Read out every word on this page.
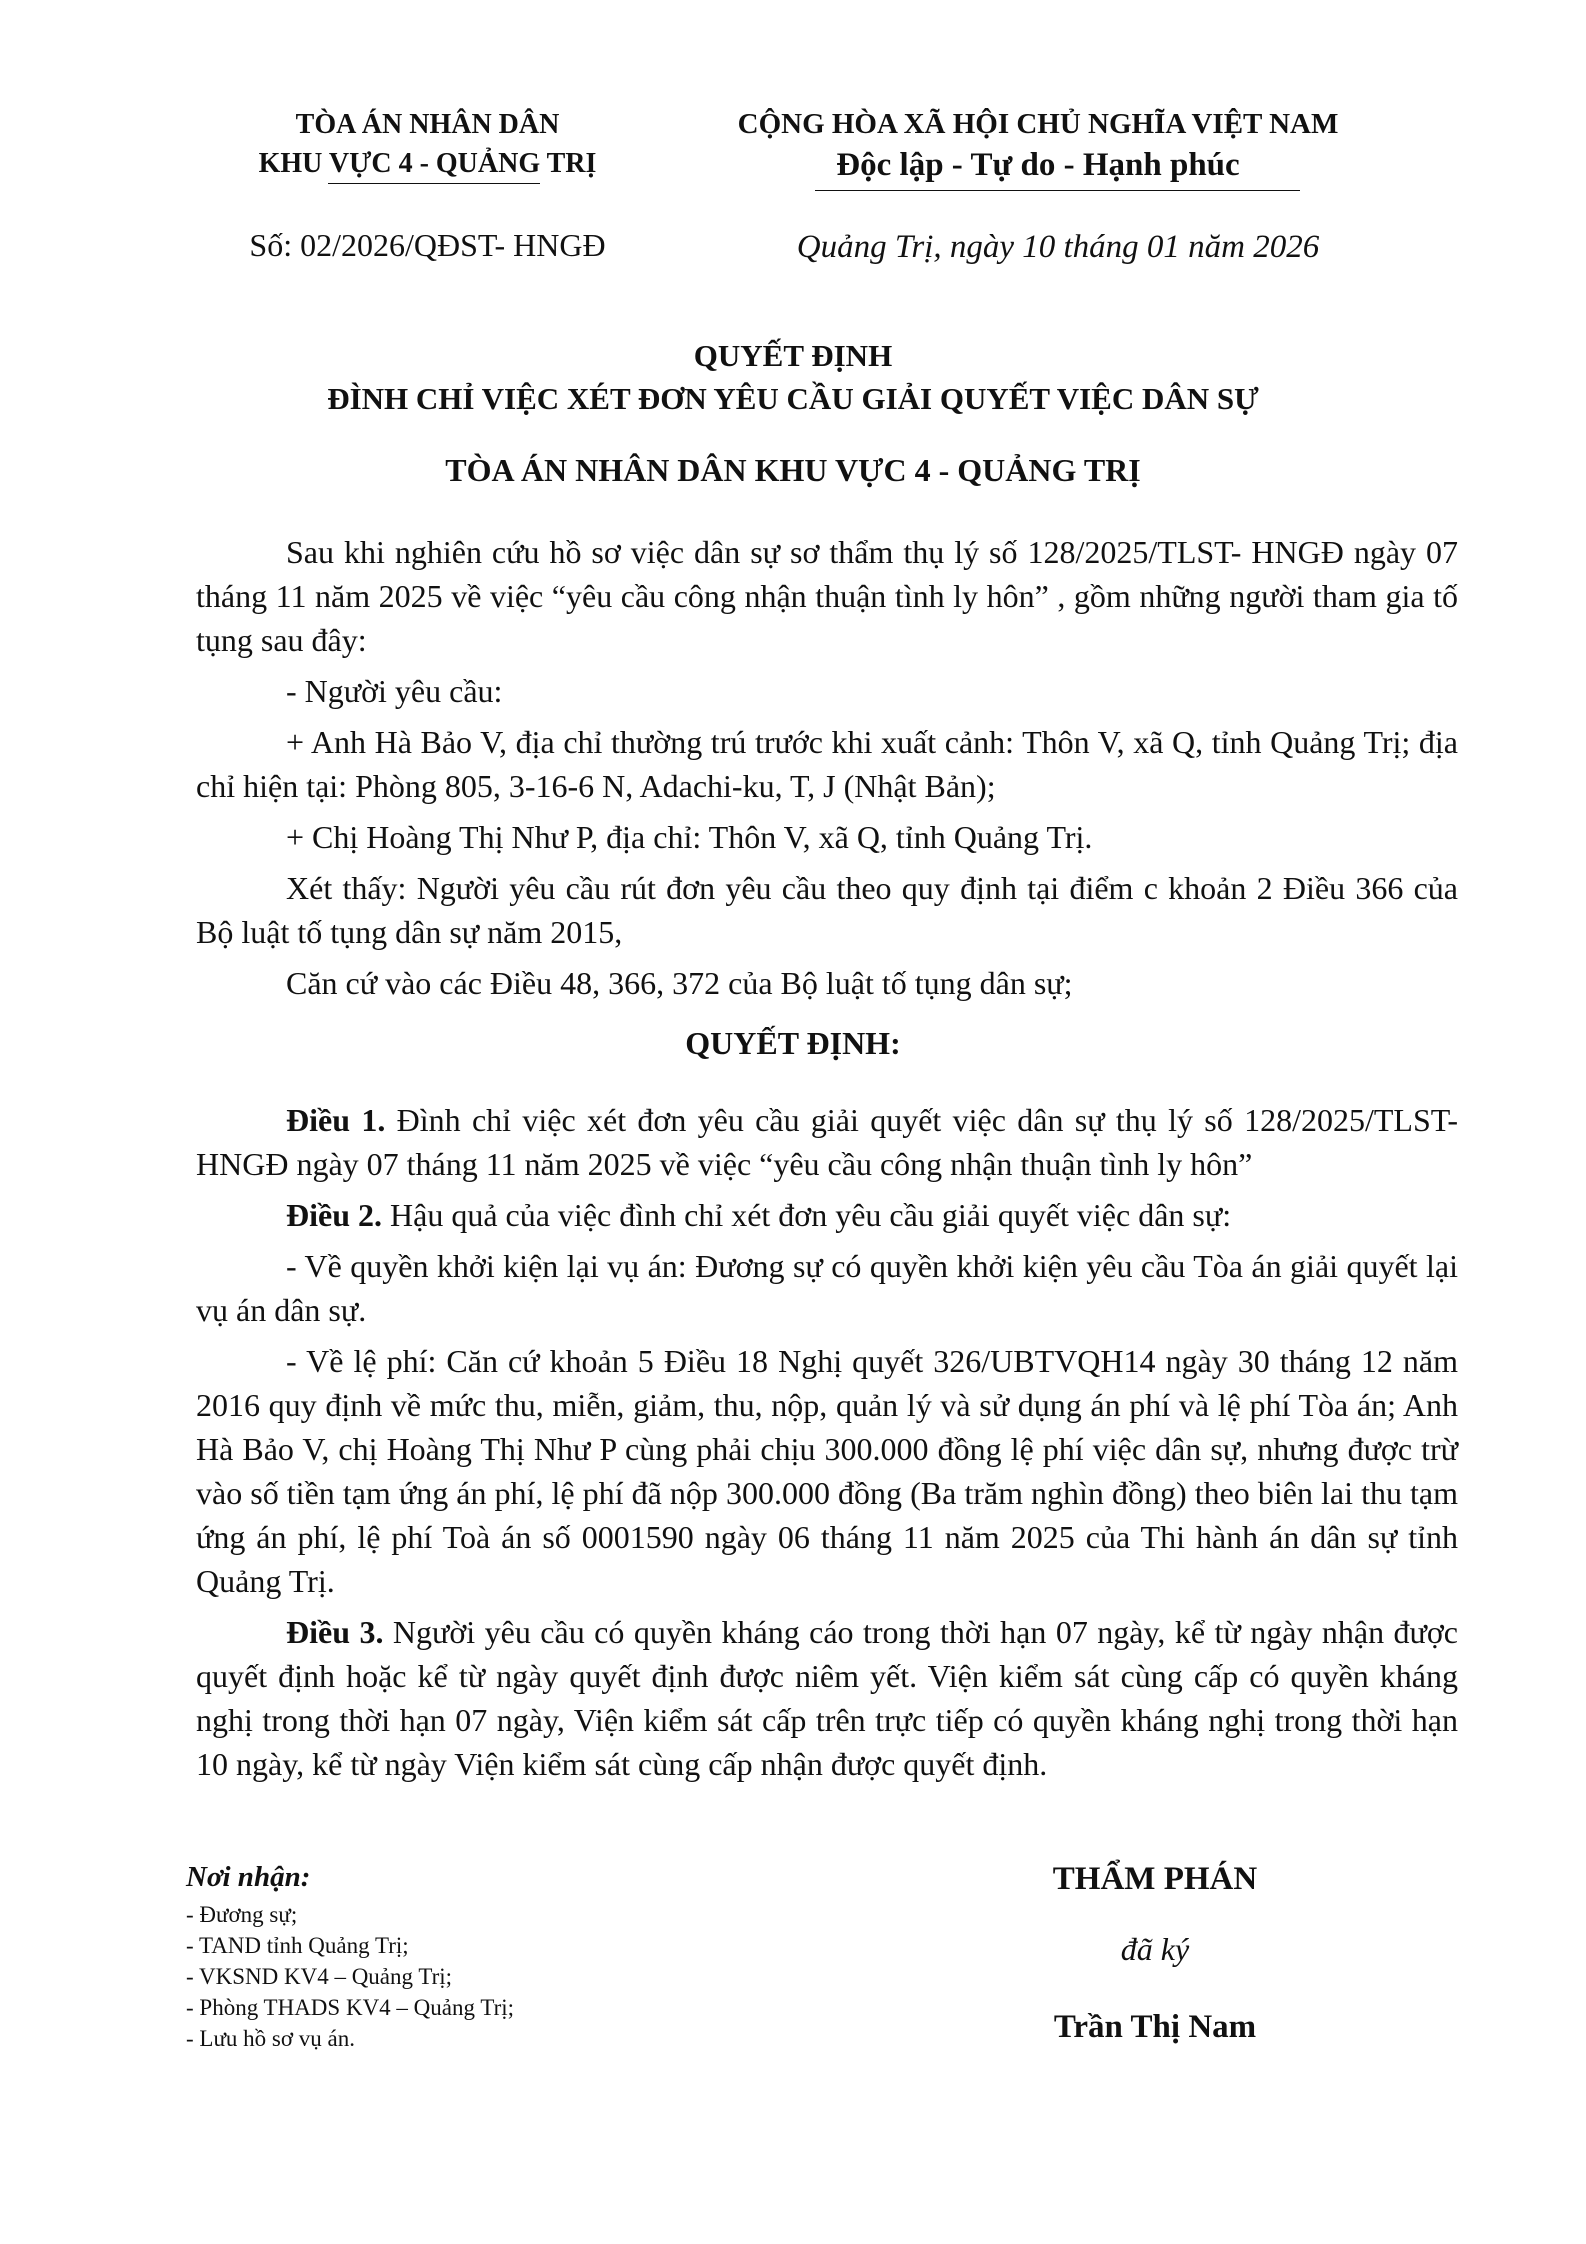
TÒA ÁN NHÂN DÂN
KHU VỰC 4 - QUẢNG TRỊ
CỘNG HÒA XÃ HỘI CHỦ NGHĨA VIỆT NAM
Độc lập - Tự do - Hạnh phúc
Số: 02/2026/QĐST- HNGĐ	Quảng Trị, ngày 10 tháng 01 năm 2026
QUYẾT ĐỊNH
ĐÌNH CHỈ VIỆC XÉT ĐƠN YÊU CẦU GIẢI QUYẾT VIỆC DÂN SỰ
TÒA ÁN NHÂN DÂN KHU VỰC 4 - QUẢNG TRỊ

Sau khi nghiên cứu hồ sơ việc dân sự sơ thẩm thụ lý số 128/2025/TLST- HNGĐ ngày 07 tháng 11 năm 2025 về việc “yêu cầu công nhận thuận tình ly hôn” , gồm những người tham gia tố tụng sau đây:

- Người yêu cầu:

+ Anh Hà Bảo V, địa chỉ thường trú trước khi xuất cảnh: Thôn V, xã Q, tỉnh Quảng Trị; địa chỉ hiện tại: Phòng 805, 3-16-6 N, Adachi-ku, T, J (Nhật Bản);

+ Chị Hoàng Thị Như P, địa chỉ: Thôn V, xã Q, tỉnh Quảng Trị.

Xét thấy: Người yêu cầu rút đơn yêu cầu theo quy định tại điểm c khoản 2 Điều 366 của Bộ luật tố tụng dân sự năm 2015,

Căn cứ vào các Điều 48, 366, 372 của Bộ luật tố tụng dân sự;

QUYẾT ĐỊNH:

Điều 1. Đình chỉ việc xét đơn yêu cầu giải quyết việc dân sự thụ lý số 128/2025/TLST- HNGĐ ngày 07 tháng 11 năm 2025 về việc “yêu cầu công nhận thuận tình ly hôn”

Điều 2. Hậu quả của việc đình chỉ xét đơn yêu cầu giải quyết việc dân sự:

- Về quyền khởi kiện lại vụ án: Đương sự có quyền khởi kiện yêu cầu Tòa án giải quyết lại vụ án dân sự.

- Về lệ phí: Căn cứ khoản 5 Điều 18 Nghị quyết 326/UBTVQH14 ngày 30 tháng 12 năm 2016 quy định về mức thu, miễn, giảm, thu, nộp, quản lý và sử dụng án phí và lệ phí Tòa án; Anh Hà Bảo V, chị Hoàng Thị Như P cùng phải chịu 300.000 đồng lệ phí việc dân sự, nhưng được trừ vào số tiền tạm ứng án phí, lệ phí đã nộp 300.000 đồng (Ba trăm nghìn đồng) theo biên lai thu tạm ứng án phí, lệ phí Toà án số 0001590 ngày 06 tháng 11 năm 2025 của Thi hành án dân sự tỉnh Quảng Trị.

Điều 3. Người yêu cầu có quyền kháng cáo trong thời hạn 07 ngày, kể từ ngày nhận được quyết định hoặc kể từ ngày quyết định được niêm yết. Viện kiểm sát cùng cấp có quyền kháng nghị trong thời hạn 07 ngày, Viện kiểm sát cấp trên trực tiếp có quyền kháng nghị trong thời hạn 10 ngày, kể từ ngày Viện kiểm sát cùng cấp nhận được quyết định.

Nơi nhận:
- Đương sự;
- TAND tỉnh Quảng Trị;
- VKSND KV4 – Quảng Trị;
- Phòng THADS KV4 – Quảng Trị;
- Lưu hồ sơ vụ án.
THẨM PHÁN
đã ký
Trần Thị Nam
